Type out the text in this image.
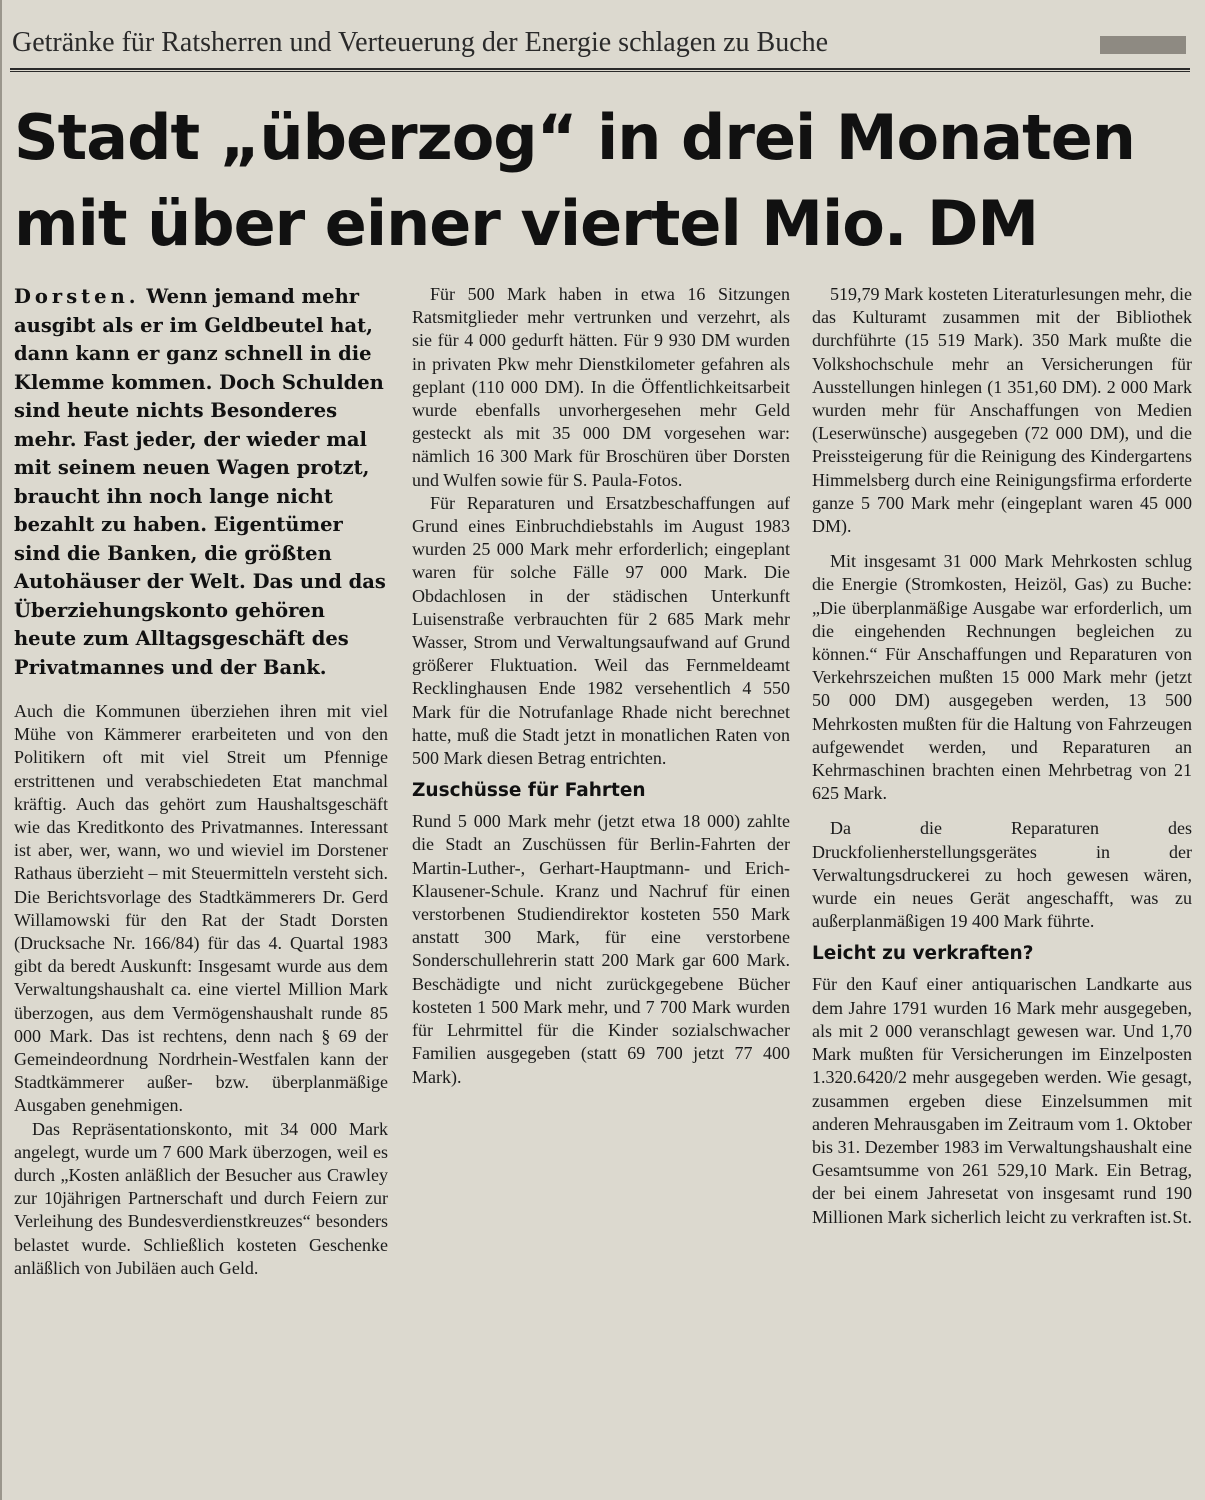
Getränke für Ratsherren und Verteuerung der Energie schlagen zu Buche
Stadt „überzog“ in drei Monaten
mit über einer viertel Mio. DM

Dorsten. Wenn jemand mehr ausgibt als er im Geldbeutel hat, dann kann er ganz schnell in die Klemme kommen. Doch Schulden sind heute nichts Besonderes mehr. Fast jeder, der wieder mal mit seinem neuen Wagen protzt, braucht ihn noch lange nicht bezahlt zu haben. Eigentümer sind die Banken, die größten Autohäuser der Welt. Das und das Überziehungskonto gehören heute zum Alltagsgeschäft des Privatmannes und der Bank.

Auch die Kommunen überziehen ihren mit viel Mühe von Kämmerer erarbeiteten und von den Politikern oft mit viel Streit um Pfennige erstrittenen und verabschiedeten Etat manchmal kräftig. Auch das gehört zum Haushaltsgeschäft wie das Kreditkonto des Privatmannes. Interessant ist aber, wer, wann, wo und wieviel im Dorstener Rathaus überzieht – mit Steuermitteln versteht sich. Die Berichtsvorlage des Stadtkämmerers Dr. Gerd Willamowski für den Rat der Stadt Dorsten (Drucksache Nr. 166/84) für das 4. Quartal 1983 gibt da beredt Auskunft: Insgesamt wurde aus dem Verwaltungshaushalt ca. eine viertel Million Mark überzogen, aus dem Vermögenshaushalt runde 85 000 Mark. Das ist rechtens, denn nach § 69 der Gemeindeordnung Nordrhein-Westfalen kann der Stadtkämmerer außer- bzw. überplanmäßige Ausgaben genehmigen.

Das Repräsentationskonto, mit 34 000 Mark angelegt, wurde um 7 600 Mark überzogen, weil es durch „Kosten anläßlich der Besucher aus Crawley zur 10jährigen Partnerschaft und durch Feiern zur Verleihung des Bundesverdienstkreuzes“ besonders belastet wurde. Schließlich kosteten Geschenke anläßlich von Jubiläen auch Geld.

Für 500 Mark haben in etwa 16 Sitzungen Ratsmitglieder mehr vertrunken und verzehrt, als sie für 4 000 gedurft hätten. Für 9 930 DM wurden in privaten Pkw mehr Dienstkilometer gefahren als geplant (110 000 DM). In die Öffentlichkeitsarbeit wurde ebenfalls unvorhergesehen mehr Geld gesteckt als mit 35 000 DM vorgesehen war: nämlich 16 300 Mark für Broschüren über Dorsten und Wulfen sowie für S. Paula-Fotos.

Für Reparaturen und Ersatzbeschaffungen auf Grund eines Einbruchdiebstahls im August 1983 wurden 25 000 Mark mehr erforderlich; eingeplant waren für solche Fälle 97 000 Mark. Die Obdachlosen in der städischen Unterkunft Luisenstraße verbrauchten für 2 685 Mark mehr Wasser, Strom und Verwaltungsaufwand auf Grund größerer Fluktuation. Weil das Fernmeldeamt Recklinghausen Ende 1982 versehentlich 4 550 Mark für die Notrufanlage Rhade nicht berechnet hatte, muß die Stadt jetzt in monatlichen Raten von 500 Mark diesen Betrag entrichten.

Zuschüsse für Fahrten

Rund 5 000 Mark mehr (jetzt etwa 18 000) zahlte die Stadt an Zuschüssen für Berlin-Fahrten der Martin-Luther-, Gerhart-Hauptmann- und Erich-Klausener-Schule. Kranz und Nachruf für einen verstorbenen Studiendirektor kosteten 550 Mark anstatt 300 Mark, für eine verstorbene Sonderschullehrerin statt 200 Mark gar 600 Mark. Beschädigte und nicht zurückgegebene Bücher kosteten 1 500 Mark mehr, und 7 700 Mark wurden für Lehrmittel für die Kinder sozialschwacher Familien ausgegeben (statt 69 700 jetzt 77 400 Mark).

519,79 Mark kosteten Literaturlesungen mehr, die das Kulturamt zusammen mit der Bibliothek durchführte (15 519 Mark). 350 Mark mußte die Volkshochschule mehr an Versicherungen für Ausstellungen hinlegen (1 351,60 DM). 2 000 Mark wurden mehr für Anschaffungen von Medien (Leserwünsche) ausgegeben (72 000 DM), und die Preissteigerung für die Reinigung des Kindergartens Himmelsberg durch eine Reinigungsfirma erforderte ganze 5 700 Mark mehr (eingeplant waren 45 000 DM).

Mit insgesamt 31 000 Mark Mehrkosten schlug die Energie (Stromkosten, Heizöl, Gas) zu Buche: „Die überplanmäßige Ausgabe war erforderlich, um die eingehenden Rechnungen begleichen zu können.“ Für Anschaffungen und Reparaturen von Verkehrszeichen mußten 15 000 Mark mehr (jetzt 50 000 DM) ausgegeben werden, 13 500 Mehrkosten mußten für die Haltung von Fahrzeugen aufgewendet werden, und Reparaturen an Kehrmaschinen brachten einen Mehrbetrag von 21 625 Mark.

Da die Reparaturen des Druckfolienherstellungsgerätes in der Verwaltungsdruckerei zu hoch gewesen wären, wurde ein neues Gerät angeschafft, was zu außerplanmäßigen 19 400 Mark führte.

Leicht zu verkraften?

Für den Kauf einer antiquarischen Landkarte aus dem Jahre 1791 wurden 16 Mark mehr ausgegeben, als mit 2 000 veranschlagt gewesen war. Und 1,70 Mark mußten für Versicherungen im Einzelposten 1.320.6420/2 mehr ausgegeben werden. Wie gesagt, zusammen ergeben diese Einzelsummen mit anderen Mehrausgaben im Zeitraum vom 1. Oktober bis 31. Dezember 1983 im Verwaltungshaushalt eine Gesamtsumme von 261 529,10 Mark. Ein Betrag, der bei einem Jahresetat von insgesamt rund 190 Millionen Mark sicherlich leicht zu verkraften ist. St.
